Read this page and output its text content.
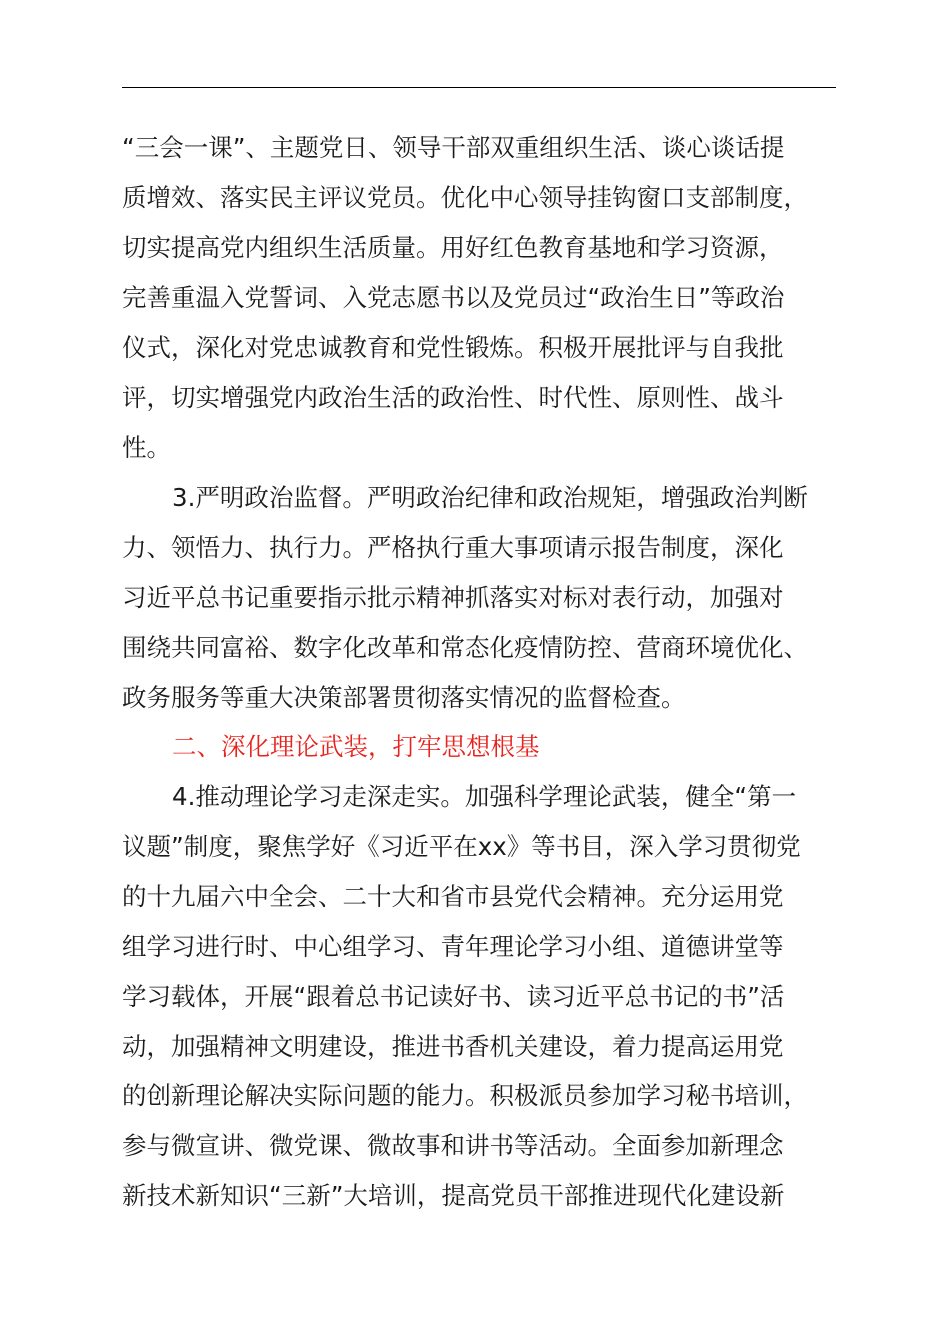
“三会一课”、主题党日、领导干部双重组织生活、谈心谈话提
质增效、落实民主评议党员。优化中心领导挂钩窗口支部制度，
切实提高党内组织生活质量。用好红色教育基地和学习资源，
完善重温入党誓词、入党志愿书以及党员过“政治生日”等政治
仪式，深化对党忠诚教育和党性锻炼。积极开展批评与自我批
评，切实增强党内政治生活的政治性、时代性、原则性、战斗
性。
3.严明政治监督。严明政治纪律和政治规矩，增强政治判断
力、领悟力、执行力。严格执行重大事项请示报告制度，深化
习近平总书记重要指示批示精神抓落实对标对表行动，加强对
围绕共同富裕、数字化改革和常态化疫情防控、营商环境优化、
政务服务等重大决策部署贯彻落实情况的监督检查。
二、深化理论武装，打牢思想根基
4.推动理论学习走深走实。加强科学理论武装，健全“第一
议题”制度，聚焦学好《习近平在xx》等书目，深入学习贯彻党
的十九届六中全会、二十大和省市县党代会精神。充分运用党
组学习进行时、中心组学习、青年理论学习小组、道德讲堂等
学习载体，开展“跟着总书记读好书、读习近平总书记的书”活
动，加强精神文明建设，推进书香机关建设，着力提高运用党
的创新理论解决实际问题的能力。积极派员参加学习秘书培训，
参与微宣讲、微党课、微故事和讲书等活动。全面参加新理念
新技术新知识“三新”大培训，提高党员干部推进现代化建设新
